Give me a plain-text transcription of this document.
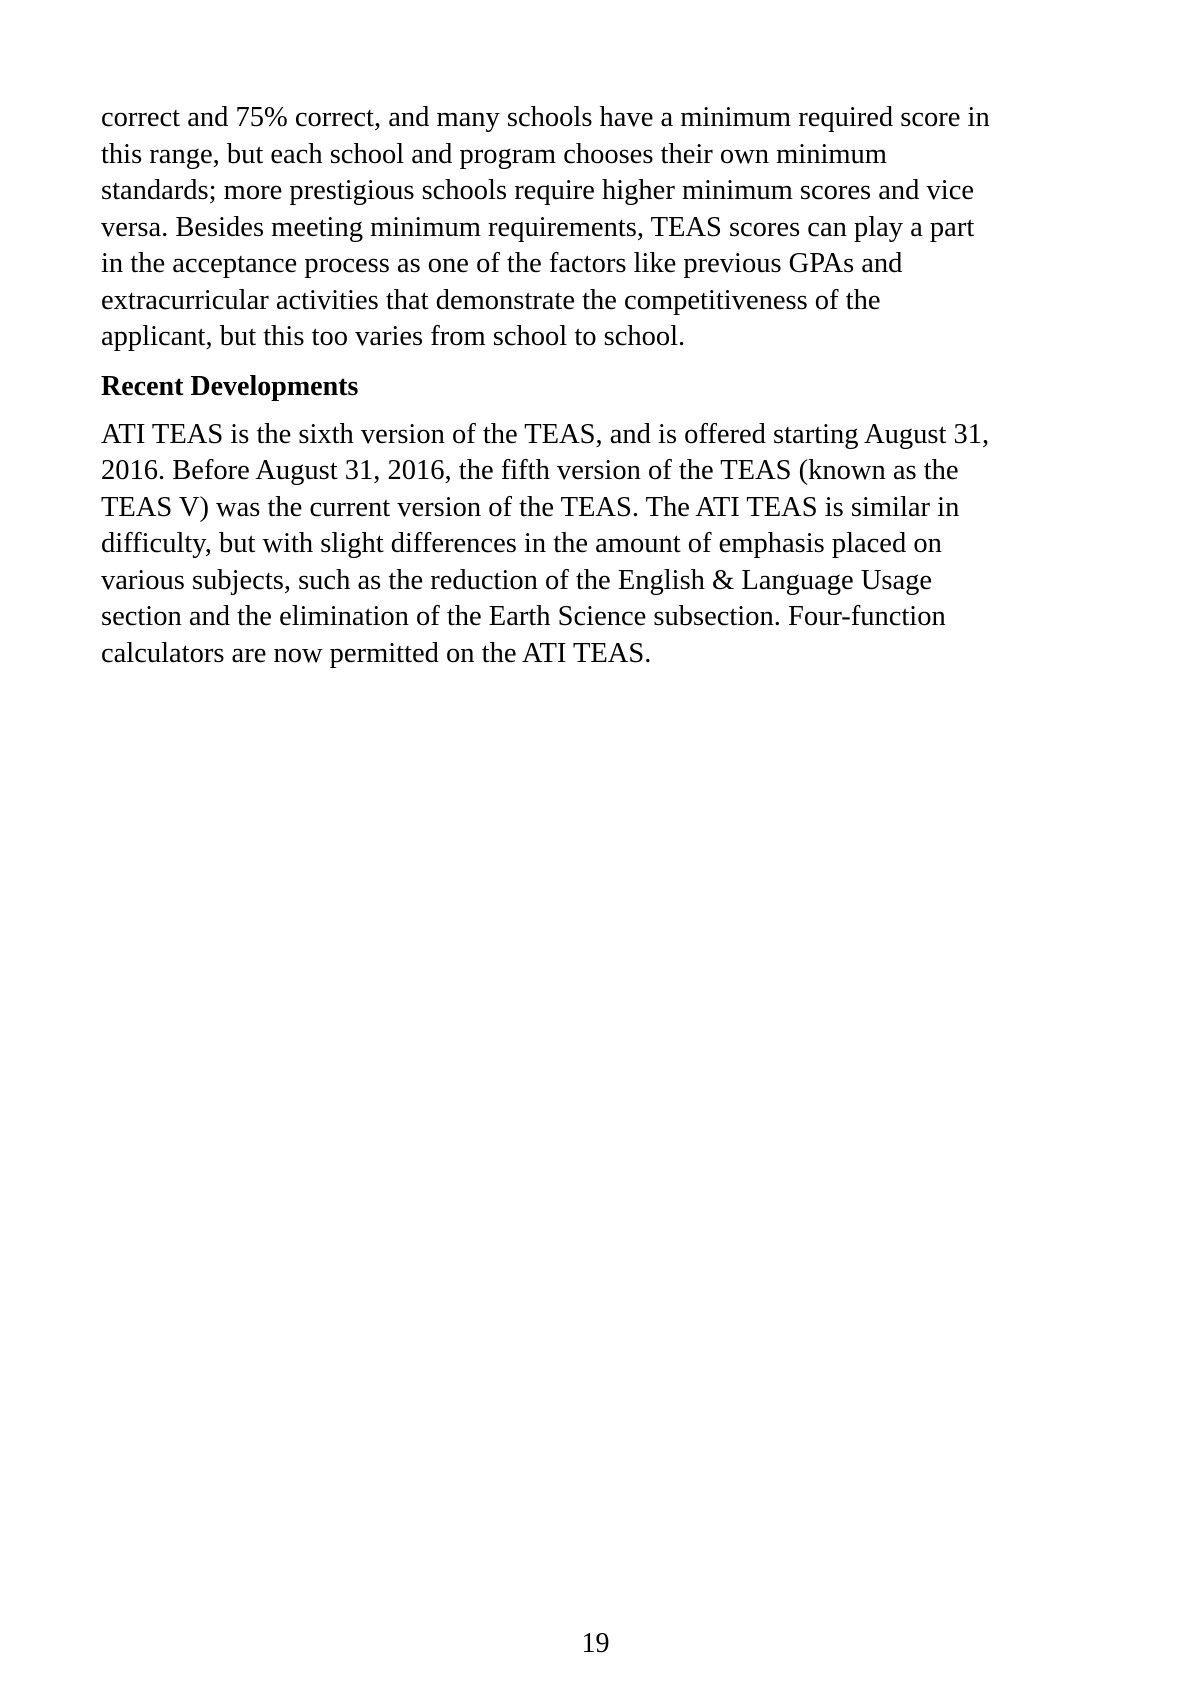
correct and 75% correct, and many schools have a minimum required score in
this range, but each school and program chooses their own minimum
standards; more prestigious schools require higher minimum scores and vice
versa. Besides meeting minimum requirements, TEAS scores can play a part
in the acceptance process as one of the factors like previous GPAs and
extracurricular activities that demonstrate the competitiveness of the
applicant, but this too varies from school to school.
Recent Developments
ATI TEAS is the sixth version of the TEAS, and is offered starting August 31,
2016. Before August 31, 2016, the fifth version of the TEAS (known as the
TEAS V) was the current version of the TEAS. The ATI TEAS is similar in
difficulty, but with slight differences in the amount of emphasis placed on
various subjects, such as the reduction of the English & Language Usage
section and the elimination of the Earth Science subsection. Four-function
calculators are now permitted on the ATI TEAS.
19
